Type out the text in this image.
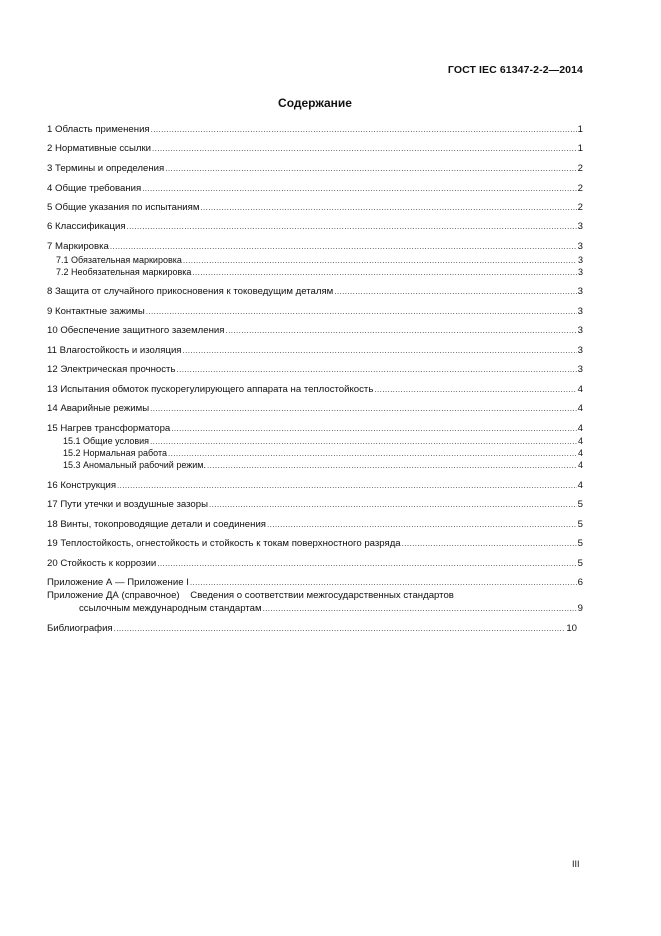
ГОСТ IEC 61347-2-2—2014
Содержание
1 Область применения .....	1
2 Нормативные ссылки .....	1
3 Термины и определения .....	2
4 Общие требования .....	2
5 Общие указания по испытаниям .....	2
6 Классификация .....	3
7 Маркировка .....	3
7.1 Обязательная маркировка .....	3
7.2 Необязательная маркировка .....	3
8 Защита от случайного прикосновения к токоведущим деталям .....	3
9 Контактные зажимы .....	3
10 Обеспечение защитного заземления .....	3
11 Влагостойкость и изоляция .....	3
12 Электрическая прочность .....	3
13 Испытания обмоток пускорегулирующего аппарата на теплостойкость .....	4
14 Аварийные режимы .....	4
15 Нагрев трансформатора .....	4
15.1 Общие условия .....	4
15.2 Нормальная работа .....	4
15.3 Аномальный рабочий режим. .....	4
16 Конструкция .....	4
17 Пути утечки и воздушные зазоры .....	5
18 Винты, токопроводящие детали и соединения .....	5
19 Теплостойкость, огнестойкость и стойкость к токам поверхностного разряда .....	5
20 Стойкость к коррозии .....	5
Приложение А — Приложение I .....	6
Приложение ДА (справочное)    Сведения о соответствии межгосударственных стандартов
ссылочным международным стандартам .....	9
Библиография .....	10
III
